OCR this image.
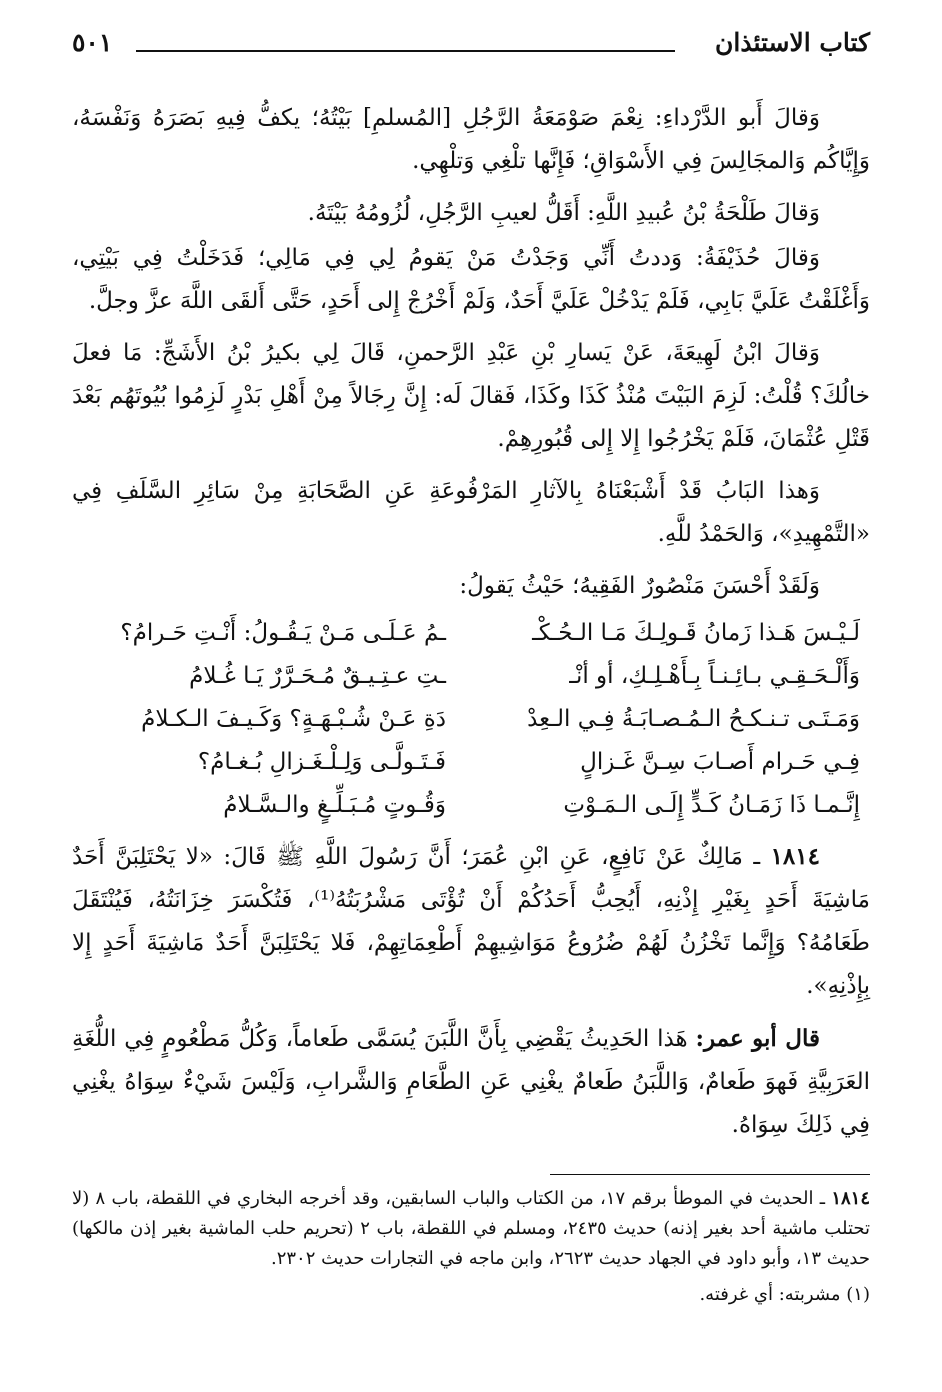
كتاب الاستئذان
٥٠١

وَقالَ أَبو الدَّرْداءِ: نِعْمَ صَوْمَعَةُ الرَّجُلِ [المُسلمِ] بَيْتُهُ؛ يكفُّ فِيهِ بَصَرَهُ وَنَفْسَهُ، وَإِيَّاكُم وَالمجَالِسَ فِي الأَسْوَاقِ؛ فَإِنَّها تلْغِي وَتلْهِي.

وَقالَ طَلْحَةُ بْنُ عُبيدِ اللَّهِ: أَقَلُّ لعيبِ الرَّجُلِ، لُزُومُهُ بَيْتَهُ.

وَقالَ حُذَيْفَةُ: وَددتُ أَنِّي وَجَدْتُ مَنْ يَقومُ لِي فِي مَالِي؛ فَدَخَلْتُ فِي بَيْتِي، وَأَغْلَقْتُ عَلَيَّ بَابِي، فَلَمْ يَدْخُلْ عَلَيَّ أَحَدٌ، وَلَمْ أَخْرُجْ إِلى أَحَدٍ، حَتَّى أَلقَى اللَّهَ عزَّ وجلَّ.

وَقالَ ابْنُ لَهِيعَةَ، عَنْ يَسارِ بْنِ عَبْدِ الرَّحمنِ، قَالَ لِي بكيرُ بْنُ الأَشَجِّ: مَا فعلَ خالُكَ؟ قُلْتُ: لَزِمَ البَيْتَ مُنْذُ كَذَا وكَذَا، فَقالَ لَه: إِنَّ رِجَالاً مِنْ أَهْلِ بَدْرٍ لَزِمُوا بُيُوتَهُم بَعْدَ قَتْلِ عُثْمَانَ، فَلَمْ يَخْرُجُوا إِلا إِلى قُبُورِهِمْ.

وَهذا البَابُ قَدْ أَشْبَعْنَاهُ بِالآثارِ المَرْفُوعَةِ عَنِ الصَّحَابَةِ مِنْ سَائِرِ السَّلَفِ فِي «التَّمْهِيدِ»، وَالحَمْدُ للَّهِ.

وَلَقَدْ أَحْسَنَ مَنْصُورٌ الفَقِيهُ؛ حَيْثُ يَقولُ:

لَـيْـسَ هَـذا زَمانُ قَـولِـكَ مَـا الـحُـكْـ
ـمُ عَـلَـى مَـنْ يَـقُـولُ: أَنْـتِ حَـرامُ؟
وَأَلْـحَـقِـي بـائِـنـاً بِـأَهْـلِـكِ، أو أنْـ
ـتِ عـتِـيـقٌ مُـحَـرَّرٌ يَـا غُـلامُ
وَمَـتَـى تـنـكـحُ الـمُـصـابَـةُ فِـي الـعِدْ
دَةِ عَـنْ شُـبْـهَـةٍ؟ وَكَـيـفَ الـكـلامُ
فِـي حَـرام أَصـابَ سِـنَّ غَـزالٍ
فَـتَـولَّـى وَلِـلْـغَـزالِ بُـغـامُ؟
إِنَّـمـا ذَا زَمَـانُ كَـدٍّ إِلَـى الـمَـوْتِ
وَقُـوتٍ مُـبَـلِّـغٍ والـسَّـلامُ

١٨١٤ ـ مَالِكٌ عَنْ نَافِعٍ، عَنِ ابْنِ عُمَرَ؛ أَنَّ رَسُولَ اللَّهِ ﷺ قَالَ: «لا يَحْتَلِبَنَّ أَحَدٌ مَاشِيَةَ أَحَدٍ بِغَيْرِ إِذْنِهِ، أَيُحِبُّ أَحَدُكُمْ أَنْ تُؤْتَى مَشْرُبَتُهُ⁽¹⁾، فَتُكْسَرَ خِزَانَتُهُ، فَيُنْتَقَلَ طَعَامُهُ؟ وَإِنَّما تَخْزُنُ لَهُمْ ضُرُوعُ مَوَاشِيهِمْ أَطْعِمَاتِهِمْ، فَلا يَحْتَلِبَنَّ أَحَدٌ مَاشِيَةَ أَحَدٍ إِلا بِإِذْنِهِ».

قال أبو عمر: هَذا الحَدِيثُ يَقْضِي بِأَنَّ اللَّبَنَ يُسَمَّى طَعاماً، وَكُلُّ مَطْعُومٍ فِي اللُّغَةِ العَرَبِيَّةِ فَهوَ طَعامٌ، وَاللَّبَنُ طَعامٌ يغْنِي عَنِ الطَّعَامِ وَالشَّرابِ، وَلَيْسَ شَيْءٌ سِوَاهُ يغْنِي فِي ذَلِكَ سِوَاهُ.

١٨١٤ ـ الحديث في الموطأ برقم ١٧، من الكتاب والباب السابقين، وقد أخرجه البخاري في اللقطة، باب ٨ (لا تحتلب ماشية أحد بغير إذنه) حديث ٢٤٣٥، ومسلم في اللقطة، باب ٢ (تحريم حلب الماشية بغير إذن مالكها) حديث ١٣، وأبو داود في الجهاد حديث ٢٦٢٣، وابن ماجه في التجارات حديث ٢٣٠٢.

(١) مشربته: أي غرفته.
